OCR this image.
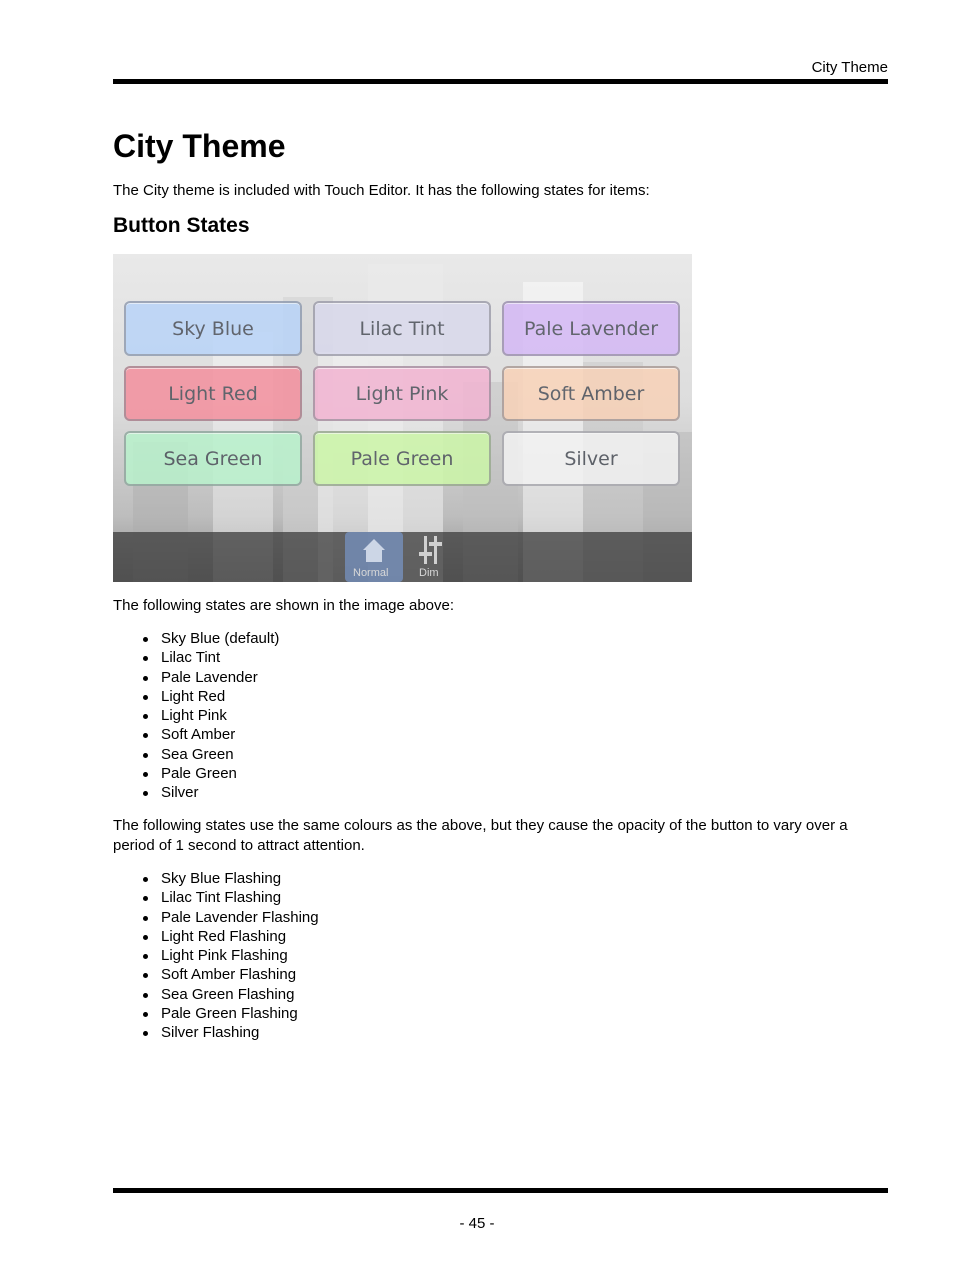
City Theme
City Theme

The City theme is included with Touch Editor. It has the following states for items:

Button States
Sky Blue	Lilac Tint	Pale Lavender
Light Red	Light Pink	Soft Amber
Sea Green	Pale Green	Silver
Normal	Dim

The following states are shown in the image above:

Sky Blue (default)
Lilac Tint
Pale Lavender
Light Red
Light Pink
Soft Amber
Sea Green
Pale Green
Silver

The following states use the same colours as the above, but they cause the opacity of the button to vary over a period of 1 second to attract attention.

Sky Blue Flashing
Lilac Tint Flashing
Pale Lavender Flashing
Light Red Flashing
Light Pink Flashing
Soft Amber Flashing
Sea Green Flashing
Pale Green Flashing
Silver Flashing
- 45 -
